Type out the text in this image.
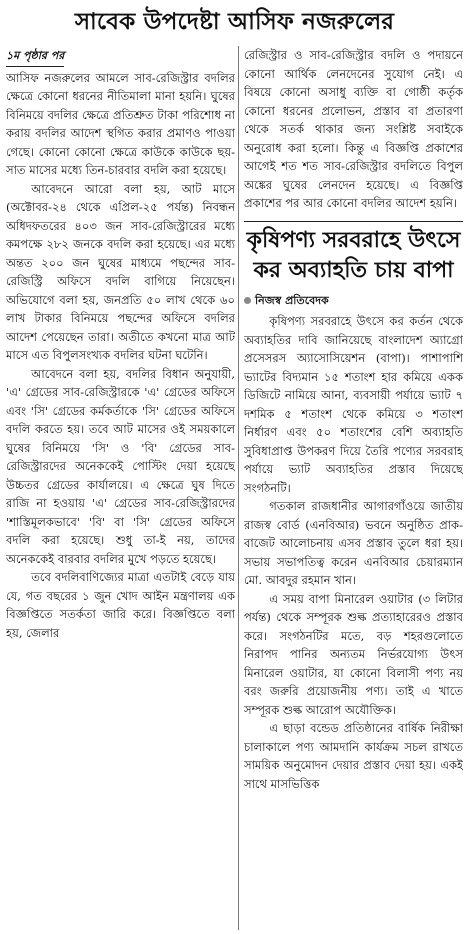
সাবেক উপদেষ্টা আসিফ নজরুলের
১ম পৃষ্ঠার পর

আসিফ নজরুলের আমলে সাব-রেজিস্ট্রার বদলির ক্ষেত্রে কোনো ধরনের নীতিমালা মানা হয়নি। ঘুষের বিনিময়ে বদলির ক্ষেত্রে প্রতিশ্রুত টাকা পরিশোধ না করায় বদলির আদেশ স্থগিত করার প্রমাণও পাওয়া গেছে। কোনো কোনো ক্ষেত্রে কাউকে কাউকে ছয়-সাত মাসের মধ্যে তিন-চারবার বদলি করা হয়েছে।

আবেদনে আরো বলা হয়, আট মাসে (অক্টোবর-২৪ থেকে এপ্রিল-২৫ পর্যন্ত) নিবন্ধন অধিদফতরের ৪০৩ জন সাব-রেজিস্ট্রারের মধ্যে কমপক্ষে ২৮২ জনকে বদলি করা হয়েছে। এর মধ্যে অন্তত ২০০ জন ঘুষের মাধ্যমে পছন্দের সাব-রেজিস্ট্রি অফিসে বদলি বাগিয়ে নিয়েছেন। অভিযোগে বলা হয়, জনপ্রতি ৫০ লাখ থেকে ৬০ লাখ টাকার বিনিময়ে পছন্দের অফিসে বদলির আদেশ পেয়েছেন তারা। অতীতে কখনো মাত্র আট মাসে এত বিপুলসংখ্যক বদলির ঘটনা ঘটেনি।

আবেদনে বলা হয়, বদলির বিধান অনুযায়ী, 'এ' গ্রেডের সাব-রেজিস্ট্রারকে 'এ' গ্রেডের অফিসে এবং 'সি' গ্রেডের কর্মকর্তাকে 'সি' গ্রেডের অফিসে বদলি করতে হয়। তবে আট মাসের ওই সময়কালে ঘুষের বিনিময়ে 'সি' ও 'বি' গ্রেডের সাব-রেজিস্ট্রারদের অনেককেই পোস্টিং দেয়া হয়েছে উচ্চতর গ্রেডের কার্যালয়ে। এ ক্ষেত্রে ঘুষ দিতে রাজি না হওয়ায় 'এ' গ্রেডের সাব-রেজিস্ট্রারদের 'শাস্তিমূলকভাবে' 'বি' বা 'সি' গ্রেডের অফিসে বদলি করা হয়েছে। শুধু তা-ই নয়, তাদের অনেককেই বারবার বদলির মুখে পড়তে হয়েছে।

তবে বদলিবাণিজ্যের মাত্রা এতটাই বেড়ে যায় যে, গত বছরের ১ জুন খোদ আইন মন্ত্রণালয় এক বিজ্ঞপ্তিতে সতর্কতা জারি করে। বিজ্ঞপ্তিতে বলা হয়, জেলার

রেজিস্ট্রার ও সাব-রেজিস্ট্রার বদলি ও পদায়নে কোনো আর্থিক লেনদেনের সুযোগ নেই। এ বিষয়ে কোনো অসাধু ব্যক্তি বা গোষ্ঠী কর্তৃক কোনো ধরনের প্রলোভন, প্রস্তাব বা প্রতারণা থেকে সতর্ক থাকার জন্য সংশ্লিষ্ট সবাইকে অনুরোধ করা হলো। কিন্তু এ বিজ্ঞপ্তি প্রকাশের আগেই শত শত সাব-রেজিস্ট্রার বদলিতে বিপুল অঙ্কের ঘুষের লেনদেন হয়েছে। এ বিজ্ঞপ্তি প্রকাশের পর আর কোনো বদলির আদেশ হয়নি।

কৃষিপণ্য সরবরাহে উৎসে কর অব্যাহতি চায় বাপা
নিজস্ব প্রতিবেদক

কৃষিপণ্য সরবরাহে উৎসে কর কর্তন থেকে অব্যাহতির দাবি জানিয়েছে বাংলাদেশ অ্যাগ্রো প্রসেসরস অ্যাসোসিয়েশন (বাপা)। পাশাপাশি ভ্যাটের বিদ্যমান ১৫ শতাংশ হার কমিয়ে একক ডিজিটে নামিয়ে আনা, ব্যবসায়ী পর্যায়ে ভ্যাট ৭ দশমিক ৫ শতাংশ থেকে কমিয়ে ৩ শতাংশ নির্ধারণ এবং ৫০ শতাংশের বেশি অব্যাহতি সুবিধাপ্রাপ্ত উপকরণ দিয়ে তৈরি পণ্যের সরবরাহ পর্যায়ে ভ্যাট অব্যাহতির প্রস্তাব দিয়েছে সংগঠনটি।

গতকাল রাজধানীর আগারগাঁওয়ে জাতীয় রাজস্ব বোর্ড (এনবিআর) ভবনে অনুষ্ঠিত প্রাক-বাজেট আলোচনায় এসব প্রস্তাব তুলে ধরা হয়। সভায় সভাপতিত্ব করেন এনবিআর চেয়ারম্যান মো. আবদুর রহমান খান।

এ সময় বাপা মিনারেল ওয়াটার (৩ লিটার পর্যন্ত) থেকে সম্পূরক শুল্ক প্রত্যাহারেরও প্রস্তাব করে। সংগঠনটির মতে, বড় শহরগুলোতে নিরাপদ পানির অন্যতম নির্ভরযোগ্য উৎস মিনারেল ওয়াটার, যা কোনো বিলাসী পণ্য নয় বরং জরুরি প্রয়োজনীয় পণ্য। তাই এ খাতে সম্পূরক শুল্ক আরোপ অযৌক্তিক।

এ ছাড়া বন্ডেড প্রতিষ্ঠানের বার্ষিক নিরীক্ষা চালাকালে পণ্য আমদানি কার্যক্রম সচল রাখতে সাময়িক অনুমোদন দেয়ার প্রস্তাব দেয়া হয়। একই সাথে মাসভিত্তিক
